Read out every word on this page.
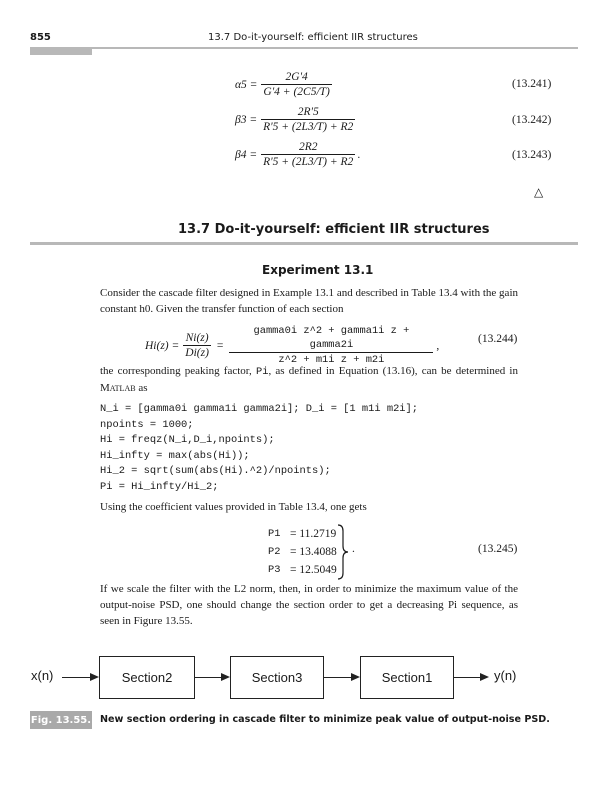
855	13.7 Do-it-yourself: efficient IIR structures
$\alpha 5 = \frac{2G'4}{G'4 + (2C5/T)}$	(13.241)
$\beta 3 = \frac{2R'5}{R'5 + (2L3/T) + R2}$	(13.242)
$\beta 4 = \frac{2R2}{R'5 + (2L3/T) + R2}$ .	(13.243)
△
13.7 Do-it-yourself: efficient IIR structures
Experiment 13.1
Consider the cascade filter designed in Example 13.1 and described in Table 13.4 with the gain constant h0. Given the transfer function of each section
$Hi(z) = \frac{Ni(z)}{Di(z)} = \frac{\text{gamma0i z\textasciicircum{}2 + gamma1i z + gamma2i}}{\text{z\textasciicircum{}2 + m1i z + m2i}}$ ,
(13.244)
the corresponding peaking factor, Pi, as defined in Equation (13.16), can be determined in Matlab as
N_i = [gamma0i gamma1i gamma2i]; D_i = [1 m1i m2i];
npoints = 1000;
Hi = freqz(N_i,D_i,npoints);
Hi_infty = max(abs(Hi));
Hi_2 = sqrt(sum(abs(Hi).^2)/npoints);
Pi = Hi_infty/Hi_2;
Using the coefficient values provided in Table 13.4, one gets
P1 = 11.2719
P2 = 13.4088
P3 = 12.5049
.	(13.245)
If we scale the filter with the L2 norm, then, in order to minimize the maximum value of the output-noise PSD, one should change the section order to get a decreasing Pi sequence, as seen in Figure 13.55.
x(n)	Section2	Section3	Section1	y(n)
Fig. 13.55. New section ordering in cascade filter to minimize peak value of output-noise PSD.
